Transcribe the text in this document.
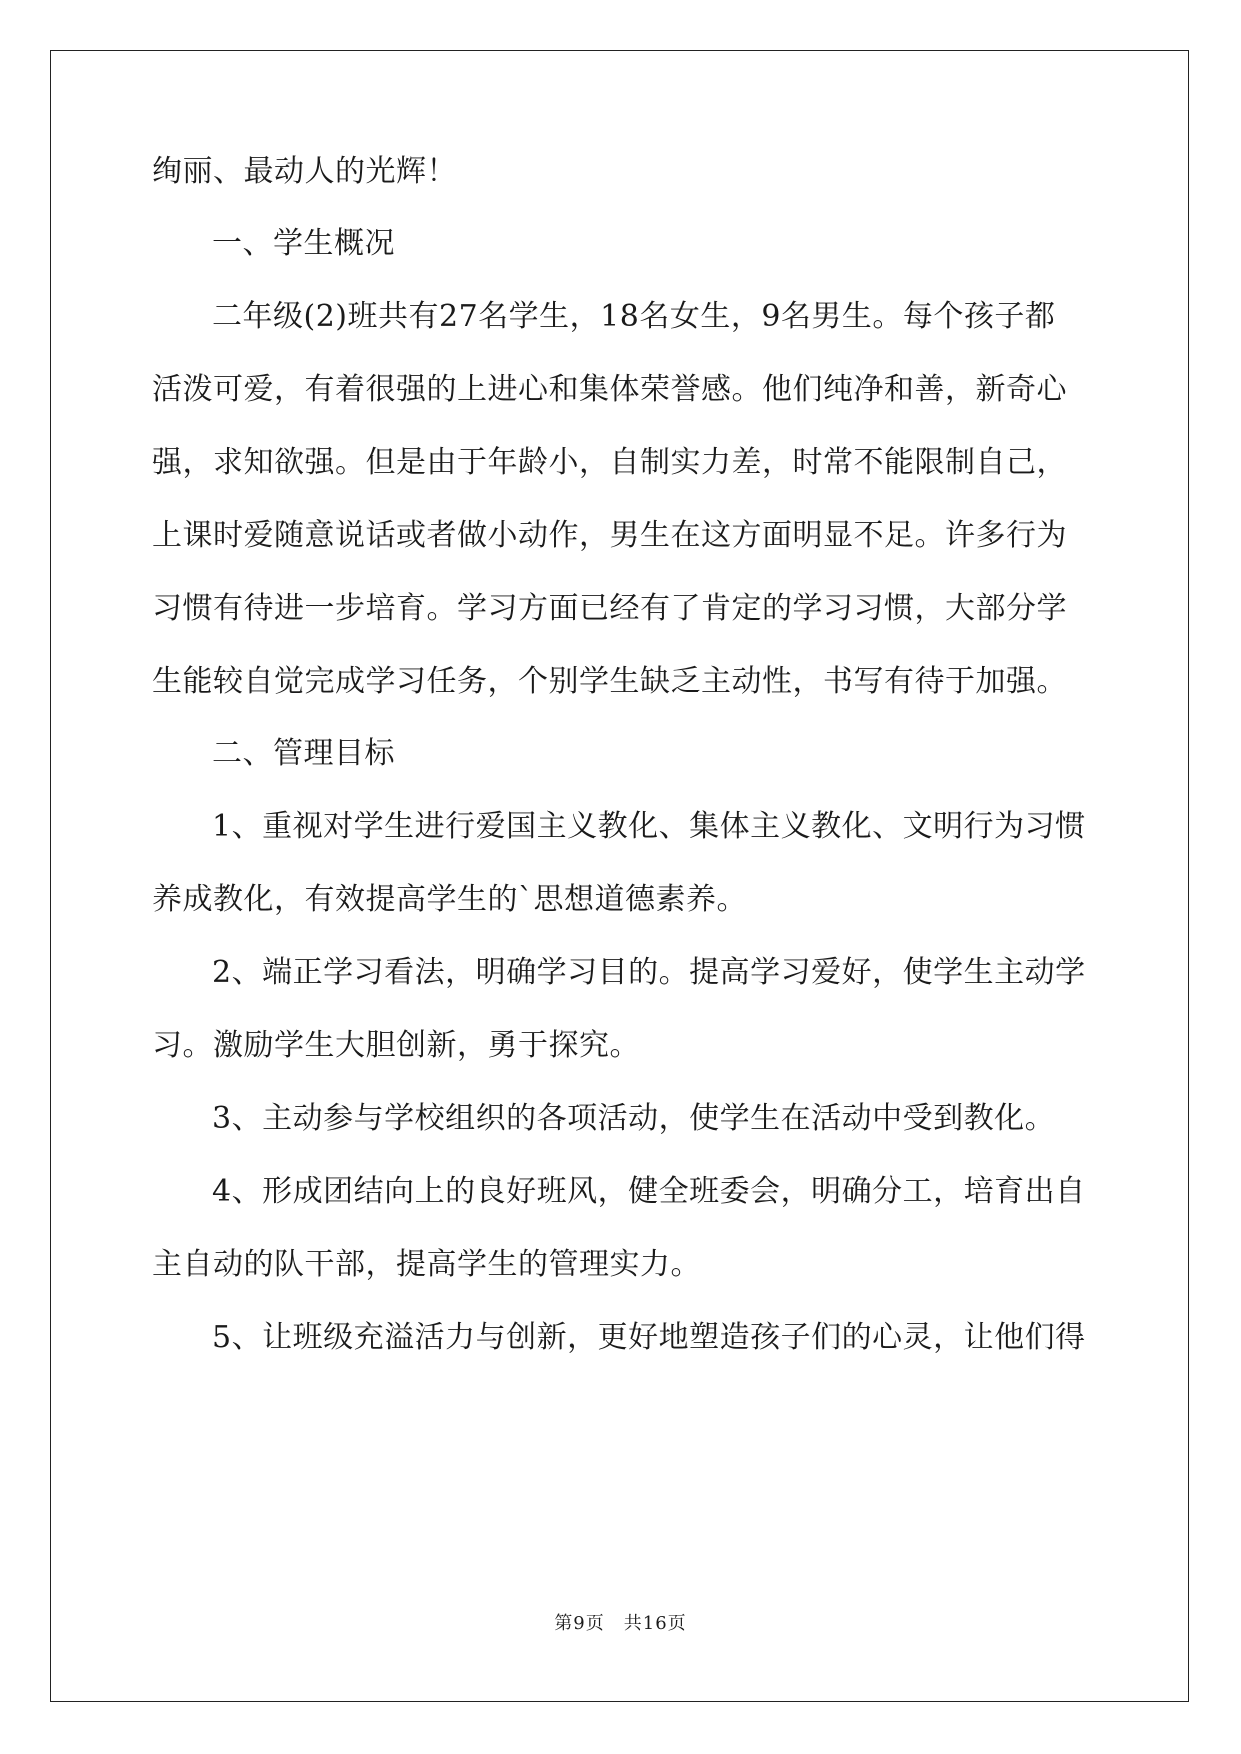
绚丽、最动人的光辉！
一、学生概况
二年级(2)班共有27名学生，18名女生，9名男生。每个孩子都
活泼可爱，有着很强的上进心和集体荣誉感。他们纯净和善，新奇心
强，求知欲强。但是由于年龄小，自制实力差，时常不能限制自己，
上课时爱随意说话或者做小动作，男生在这方面明显不足。许多行为
习惯有待进一步培育。学习方面已经有了肯定的学习习惯，大部分学
生能较自觉完成学习任务，个别学生缺乏主动性，书写有待于加强。
二、管理目标
1、重视对学生进行爱国主义教化、集体主义教化、文明行为习惯
养成教化，有效提高学生的`思想道德素养。
2、端正学习看法，明确学习目的。提高学习爱好，使学生主动学
习。激励学生大胆创新，勇于探究。
3、主动参与学校组织的各项活动，使学生在活动中受到教化。
4、形成团结向上的良好班风，健全班委会，明确分工，培育出自
主自动的队干部，提高学生的管理实力。
5、让班级充溢活力与创新，更好地塑造孩子们的心灵，让他们得
第9页　共16页
